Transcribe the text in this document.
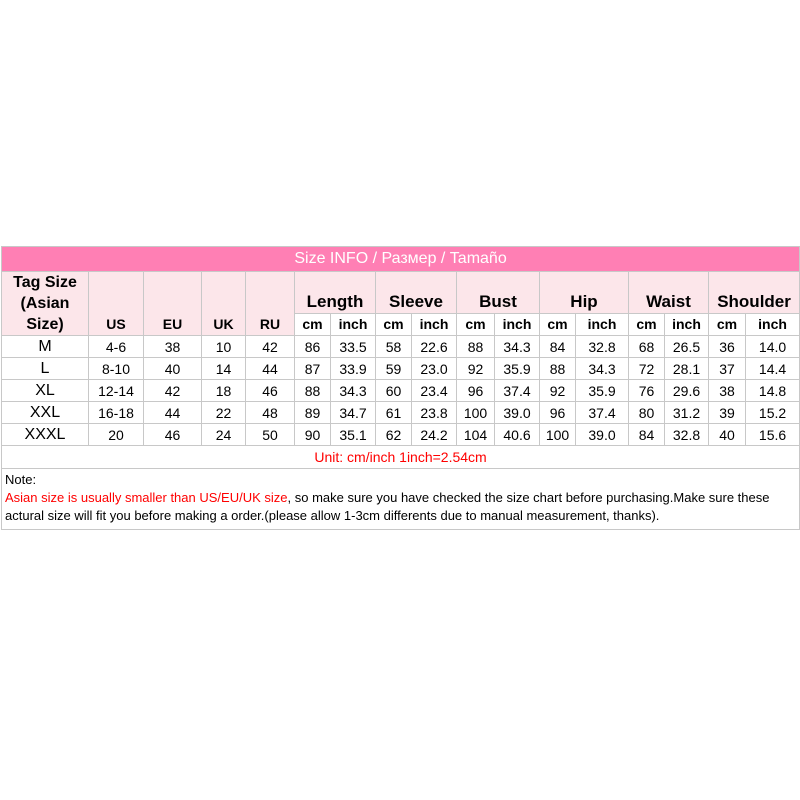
Size INFO / Размер / Tamaño																
Tag Size (Asian Size)	US	EU	UK	RU	Length		Sleeve		Bust		Hip		Waist		Shoulder	
					cm	inch	cm	inch	cm	inch	cm	inch	cm	inch	cm	inch
M	4-6	38	10	42	86	33.5	58	22.6	88	34.3	84	32.8	68	26.5	36	14.0
L	8-10	40	14	44	87	33.9	59	23.0	92	35.9	88	34.3	72	28.1	37	14.4
XL	12-14	42	18	46	88	34.3	60	23.4	96	37.4	92	35.9	76	29.6	38	14.8
XXL	16-18	44	22	48	89	34.7	61	23.8	100	39.0	96	37.4	80	31.2	39	15.2
XXXL	20	46	24	50	90	35.1	62	24.2	104	40.6	100	39.0	84	32.8	40	15.6
Unit: cm/inch 1inch=2.54cm																
Note:
Asian size is usually smaller than US/EU/UK size, so make sure you have checked the size chart before purchasing.Make sure these actural size will fit you before making a order.(please allow 1-3cm differents due to manual measurement, thanks).																
